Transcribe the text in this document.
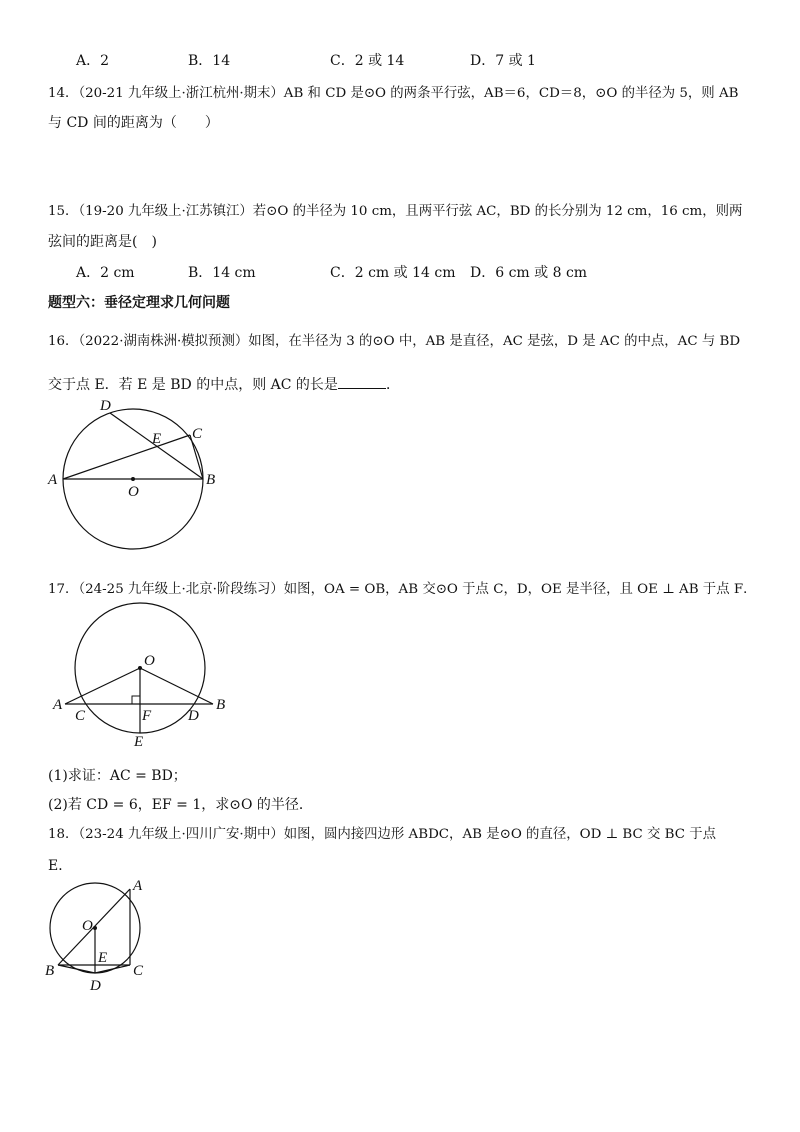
A．2	B．14	C．2 或 14	D．7 或 1
14．（20-21 九年级上·浙江杭州·期末）AB 和 CD 是⊙O 的两条平行弦，AB＝6，CD＝8，⊙O 的半径为 5，则 AB
与 CD 间的距离为（　　）
15．（19-20 九年级上·江苏镇江）若⊙O 的半径为 10 cm，且两平行弦 AC，BD 的长分别为 12 cm，16 cm，则两
弦间的距离是(　)
A．2 cm	B．14 cm	C．2 cm 或 14 cm D．6 cm 或 8 cm
题型六：垂径定理求几何问题
16．（2022·湖南株洲·模拟预测）如图，在半径为 3 的⊙O 中，AB 是直径，AC 是弦，D 是 AC 的中点，AC 与 BD
交于点 E．若 E 是 BD 的中点，则 AC 的长是	．
D
C
E
A
O
B
17．（24-25 九年级上·北京·阶段练习）如图，OA = OB，AB 交⊙O 于点 C，D，OE 是半径，且 OE ⊥ AB 于点 F．
O
A
C	F D
B
E
(1)求证：AC = BD；
(2)若 CD = 6，EF = 1，求⊙O 的半径．
18．（23-24 九年级上·四川广安·期中）如图，圆内接四边形 ABDC，AB 是⊙O 的直径，OD ⊥ BC 交 BC 于点
E．
A
O
E
B	C
D
